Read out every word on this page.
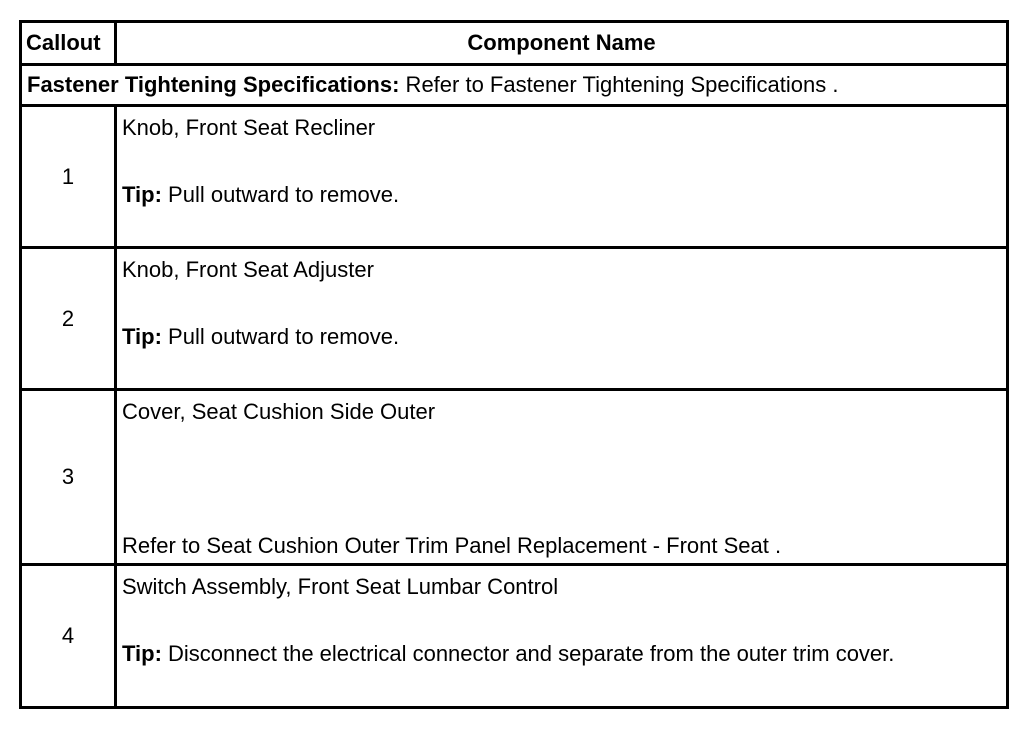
Callout	Component Name
Fastener Tightening Specifications: Refer to Fastener Tightening Specifications .
1
Knob, Front Seat Recliner
Tip: Pull outward to remove.
2
Knob, Front Seat Adjuster
Tip: Pull outward to remove.
3
Cover, Seat Cushion Side Outer
Refer to Seat Cushion Outer Trim Panel Replacement - Front Seat .
4
Switch Assembly, Front Seat Lumbar Control
Tip: Disconnect the electrical connector and separate from the outer trim cover.
